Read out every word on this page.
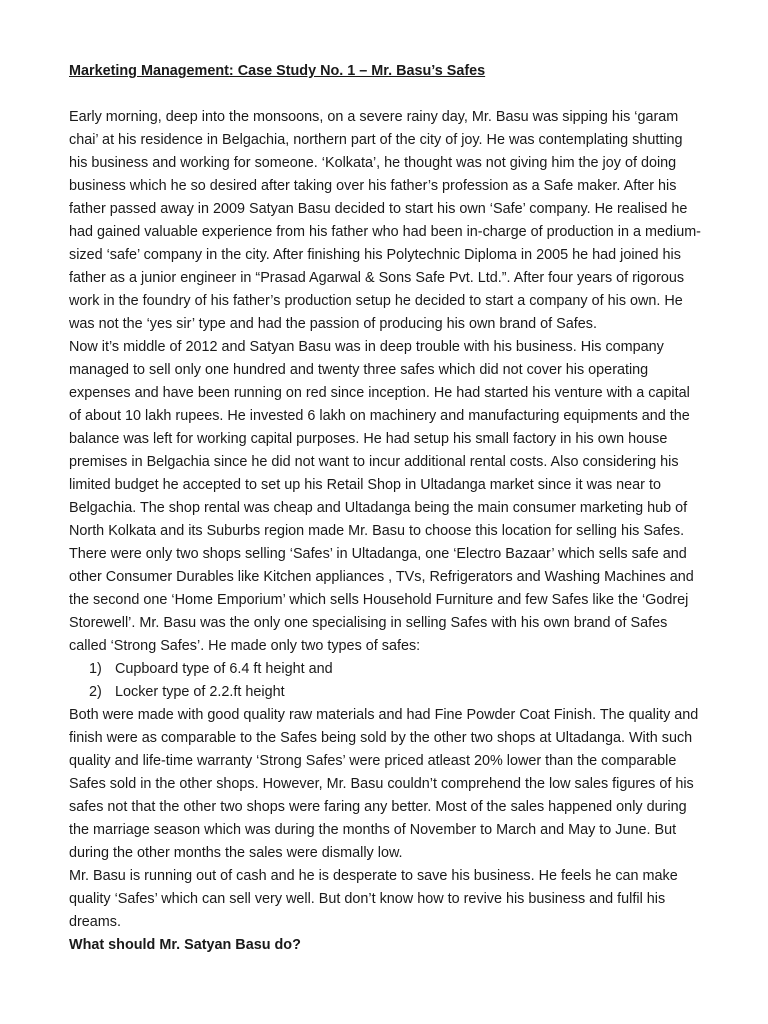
Marketing Management: Case Study No. 1 – Mr. Basu’s Safes

Early morning, deep into the monsoons, on a severe rainy day, Mr. Basu was sipping his ‘garam chai’ at his residence in Belgachia, northern part of the city of joy. He was contemplating shutting his business and working for someone. ‘Kolkata’, he thought was not giving him the joy of doing business which he so desired after taking over his father’s profession as a Safe maker. After his father passed away in 2009 Satyan Basu decided to start his own ‘Safe’ company. He realised he had gained valuable experience from his father who had been in-charge of production in a medium-sized ‘safe’ company in the city. After finishing his Polytechnic Diploma in 2005 he had joined his father as a junior engineer in “Prasad Agarwal & Sons Safe Pvt. Ltd.”. After four years of rigorous work in the foundry of his father’s production setup he decided to start a company of his own. He was not the ‘yes sir’ type and had the passion of producing his own brand of Safes.

Now it’s middle of 2012 and Satyan Basu was in deep trouble with his business. His company managed to sell only one hundred and twenty three safes which did not cover his operating expenses and have been running on red since inception. He had started his venture with a capital of about 10 lakh rupees. He invested 6 lakh on machinery and manufacturing equipments and the balance was left for working capital purposes. He had setup his small factory in his own house premises in Belgachia since he did not want to incur additional rental costs. Also considering his limited budget he accepted to set up his Retail Shop in Ultadanga market since it was near to Belgachia. The shop rental was cheap and Ultadanga being the main consumer marketing hub of North Kolkata and its Suburbs region made Mr. Basu to choose this location for selling his Safes. There were only two shops selling ‘Safes’ in Ultadanga, one ‘Electro Bazaar’ which sells safe and other Consumer Durables like Kitchen appliances , TVs, Refrigerators and Washing Machines and the second one ‘Home Emporium’ which sells Household Furniture and few Safes like the ‘Godrej Storewell’. Mr. Basu was the only one specialising in selling Safes with his own brand of Safes called ‘Strong Safes’. He made only two types of safes:

1) Cupboard type of 6.4 ft height and
2) Locker type of 2.2.ft height

Both were made with good quality raw materials and had Fine Powder Coat Finish. The quality and finish were as comparable to the Safes being sold by the other two shops at Ultadanga. With such quality and life-time warranty ‘Strong Safes’ were priced atleast 20% lower than the comparable Safes sold in the other shops. However, Mr. Basu couldn’t comprehend the low sales figures of his safes not that the other two shops were faring any better. Most of the sales happened only during the marriage season which was during the months of November to March and May to June. But during the other months the sales were dismally low.

Mr. Basu is running out of cash and he is desperate to save his business. He feels he can make quality ‘Safes’ which can sell very well. But don’t know how to revive his business and fulfil his dreams.

What should Mr. Satyan Basu do?
